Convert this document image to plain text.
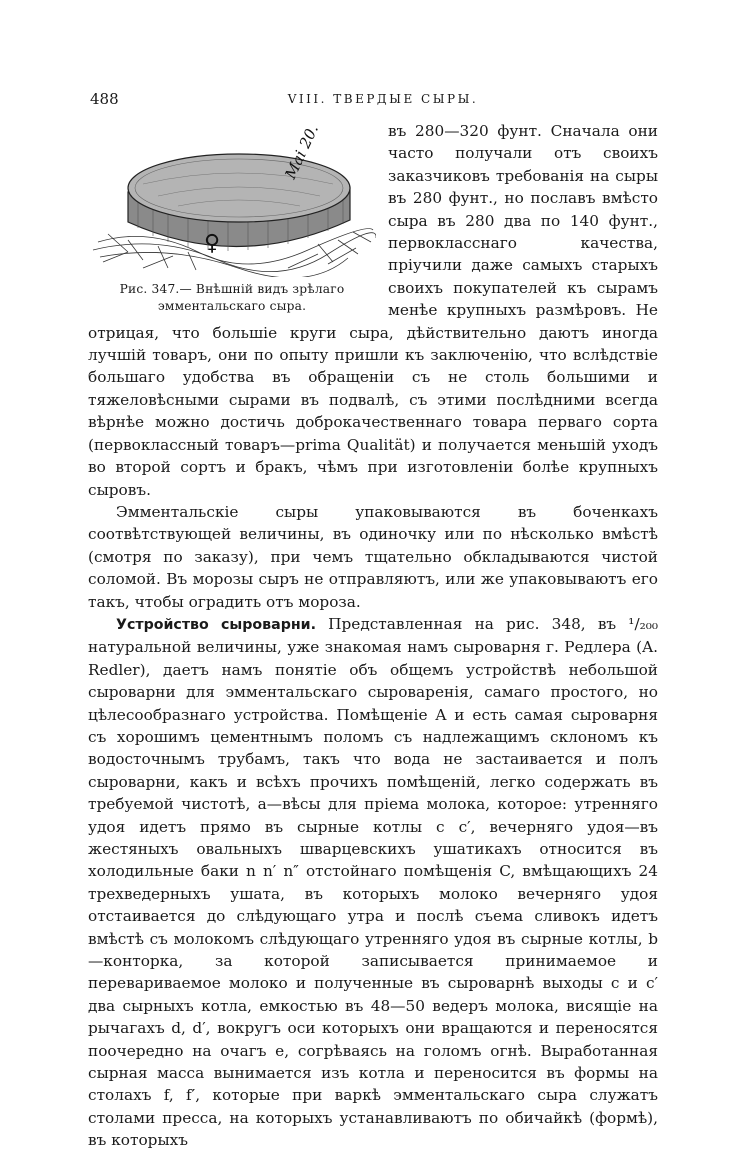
488	VIII. ТВЕРДЫЕ СЫРЫ.

Mai 20.
♀
Рис. 347.— Внѣшній видъ зрѣлаго эмментальскаго сыра.
въ 280—320 фунт. Сначала они часто получали отъ своихъ заказчиковъ требованія на сыры въ 280 фунт., но пославъ вмѣсто сыра въ 280 два по 140 фунт., первокласснаго качества, пріучили даже самыхъ старыхъ своихъ покупателей къ сырамъ менѣе крупныхъ размѣровъ. Не отрицая, что большіе круги сыра, дѣйствительно даютъ иногда лучшій товаръ, они по опыту пришли къ заключенію, что вслѣдствіе большаго удобства въ обращеніи съ не столь большими и тяжеловѣсными сырами въ подвалѣ, съ этими послѣдними всегда вѣрнѣе можно достичь доброкачественнаго товара перваго сорта (первоклассный товаръ—prima Qualität) и получается меньшій уходъ во второй сортъ и бракъ, чѣмъ при изготовленіи болѣе крупныхъ сыровъ.

Эмментальскіе сыры упаковываются въ боченкахъ соотвѣтствующей величины, въ одиночку или по нѣсколько вмѣстѣ (смотря по заказу), при чемъ тщательно обкладываются чистой соломой. Въ морозы сыръ не отправляютъ, или же упаковываютъ его такъ, чтобы оградить отъ мороза.

Устройство сыроварни. Представленная на рис. 348, въ ¹/₂₀₀ натуральной величины, уже знакомая намъ сыроварня г. Редлера (A. Redler), даетъ намъ понятіе объ общемъ устройствѣ небольшой сыроварни для эмментальскаго сыроваренія, самаго простого, но цѣлесообразнаго устройства. Помѣщеніе A и есть самая сыроварня съ хорошимъ цементнымъ поломъ съ надлежащимъ склономъ къ водосточнымъ трубамъ, такъ что вода не застаивается и полъ сыроварни, какъ и всѣхъ прочихъ помѣщеній, легко содержать въ требуемой чистотѣ, a—вѣсы для пріема молока, которое: утренняго удоя идетъ прямо въ сырные котлы c c′, вечерняго удоя—въ жестяныхъ овальныхъ шварцевскихъ ушатикахъ относится въ холодильные баки n n′ n″ отстойнаго помѣщенія C, вмѣщающихъ 24 трехведерныхъ ушата, въ которыхъ молоко вечерняго удоя отстаивается до слѣдующаго утра и послѣ съема сливокъ идетъ вмѣстѣ съ молокомъ слѣдующаго утренняго удоя въ сырные котлы, b—конторка, за которой записывается принимаемое и перевариваемое молоко и полученные въ сыроварнѣ выходы c и c′ два сырныхъ котла, емкостью въ 48—50 ведеръ молока, висящіе на рычагахъ d, d′, вокругъ оси которыхъ они вращаются и переносятся поочередно на очагъ e, согрѣваясь на голомъ огнѣ. Выработанная сырная масса вынимается изъ котла и переносится въ формы на столахъ f, f′, которые при варкѣ эмментальскаго сыра служатъ столами пресса, на которыхъ устанавливаютъ по обичайкѣ (формѣ), въ которыхъ
